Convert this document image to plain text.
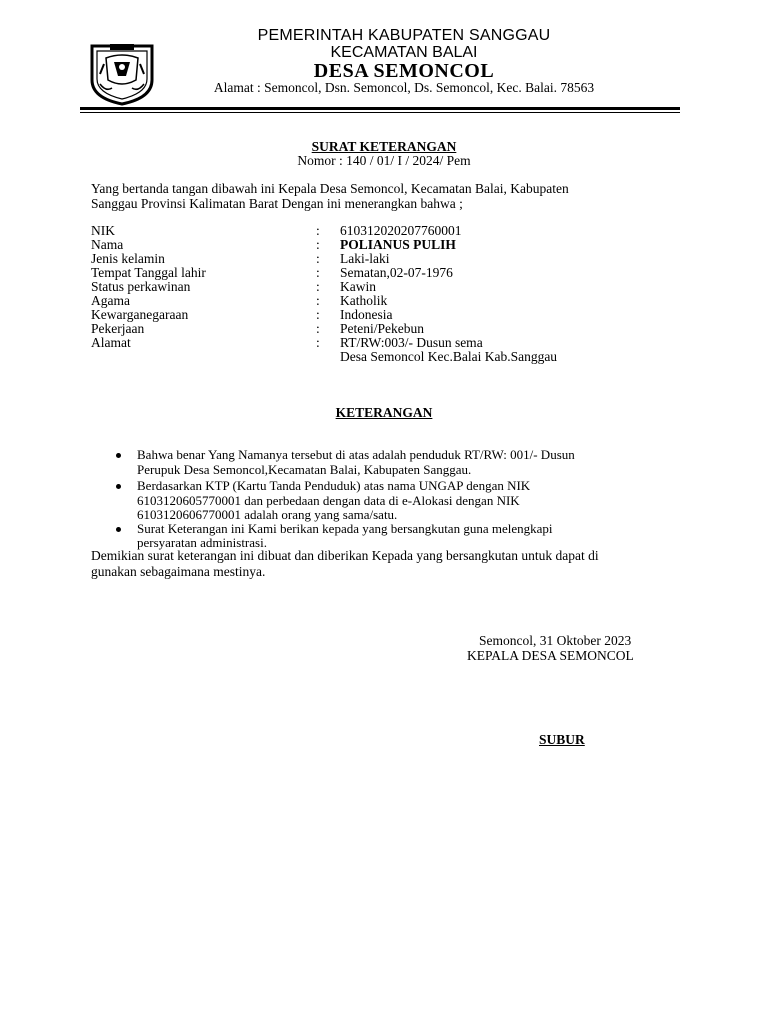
PEMERINTAH KABUPATEN SANGGAU
KECAMATAN BALAI
DESA SEMONCOL
Alamat : Semoncol, Dsn. Semoncol, Ds. Semoncol, Kec. Balai. 78563
SURAT KETERANGAN
Nomor : 140 / 01/ I / 2024/ Pem
Yang bertanda tangan dibawah ini Kepala Desa Semoncol, Kecamatan Balai, Kabupaten
Sanggau Provinsi Kalimatan Barat Dengan ini menerangkan bahwa ;
NIK	: 610312020207760001
Nama	: POLIANUS PULIH
Jenis kelamin	: Laki-laki
Tempat Tanggal lahir	: Sematan,02-07-1976
Status perkawinan	: Kawin
Agama	: Katholik
Kewarganegaraan	: Indonesia
Pekerjaan	: Peteni/Pekebun
Alamat	: RT/RW:003/- Dusun sema
Desa Semoncol Kec.Balai Kab.Sanggau
KETERANGAN
Bahwa benar Yang Namanya tersebut di atas adalah penduduk RT/RW: 001/- Dusun
Perupuk Desa Semoncol,Kecamatan Balai, Kabupaten Sanggau.
Berdasarkan KTP (Kartu Tanda Penduduk) atas nama UNGAP dengan NIK
6103120605770001 dan perbedaan dengan data di e-Alokasi dengan NIK
6103120606770001 adalah orang yang sama/satu.
Surat Keterangan ini Kami berikan kepada yang bersangkutan guna melengkapi
persyaratan administrasi.
Demikian surat keterangan ini dibuat dan diberikan Kepada yang bersangkutan untuk dapat di
gunakan sebagaimana mestinya.
Semoncol, 31 Oktober 2023
KEPALA DESA SEMONCOL
SUBUR
